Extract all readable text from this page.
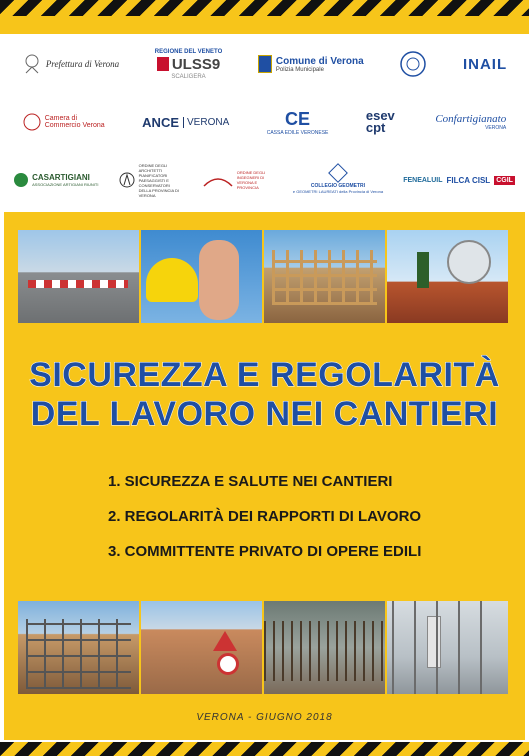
Prefettura di Verona
REGIONE DEL VENETO
ULSS9
SCALIGERA
Comune di Verona
Polizia Municipale	INAIL
Camera di Commercio Verona	ANCE VERONA	CE
CASSA EDILE VERONESE
esev cpt
Confartigianato
VERONA
CASARTIGIANI
ASSOCIAZIONE ARTIGIANI RIUNITI
ORDINE DEGLI ARCHITETTI PIANIFICATORI PAESAGGISTI E CONSERVATORI DELLA PROVINCIA DI VERONA
ORDINE DEGLI INGEGNERI DI VERONA E PROVINCIA	COLLEGIO GEOMETRI
e GEOMETRI LAUREATI della Provincia di Verona
FENEALUIL FILCA CISL CGIL
SICUREZZA E REGOLARITÀ
DEL LAVORO NEI CANTIERI
1. SICUREZZA E SALUTE NEI CANTIERI
2. REGOLARITÀ DEI RAPPORTI DI LAVORO
3. COMMITTENTE PRIVATO DI OPERE EDILI
VERONA - GIUGNO 2018
